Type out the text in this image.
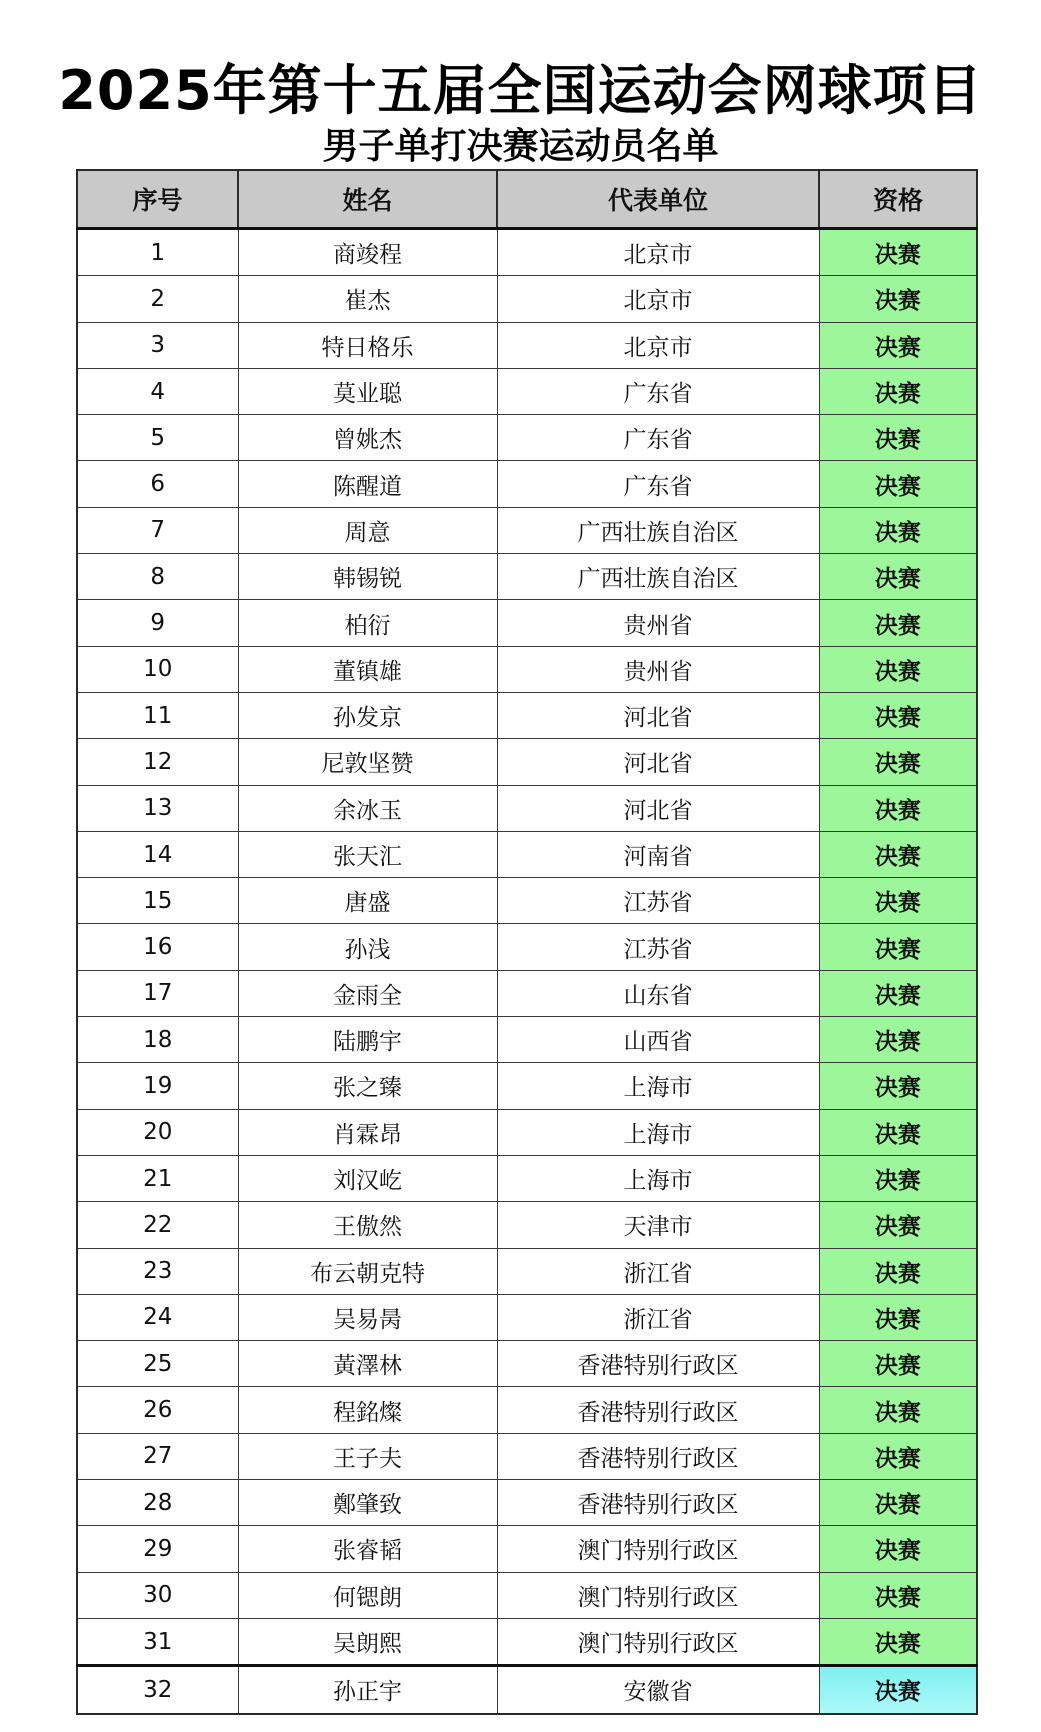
2025年第十五届全国运动会网球项目
男子单打决赛运动员名单
序号	姓名	代表单位	资格
1	商竣程	北京市	决赛
2	崔杰	北京市	决赛
3	特日格乐	北京市	决赛
4	莫业聪	广东省	决赛
5	曾姚杰	广东省	决赛
6	陈醒道	广东省	决赛
7	周意	广西壮族自治区	决赛
8	韩锡锐	广西壮族自治区	决赛
9	柏衍	贵州省	决赛
10	董镇雄	贵州省	决赛
11	孙发京	河北省	决赛
12	尼敦坚赞	河北省	决赛
13	余冰玉	河北省	决赛
14	张天汇	河南省	决赛
15	唐盛	江苏省	决赛
16	孙浅	江苏省	决赛
17	金雨全	山东省	决赛
18	陆鹏宇	山西省	决赛
19	张之臻	上海市	决赛
20	肖霖昂	上海市	决赛
21	刘汉屹	上海市	决赛
22	王傲然	天津市	决赛
23	布云朝克特	浙江省	决赛
24	吴易昺	浙江省	决赛
25	黃澤林	香港特别行政区	决赛
26	程銘燦	香港特别行政区	决赛
27	王子夫	香港特别行政区	决赛
28	鄭肇致	香港特别行政区	决赛
29	张睿韬	澳门特别行政区	决赛
30	何锶朗	澳门特别行政区	决赛
31	吴朗熙	澳门特别行政区	决赛
32	孙正宇	安徽省	决赛
